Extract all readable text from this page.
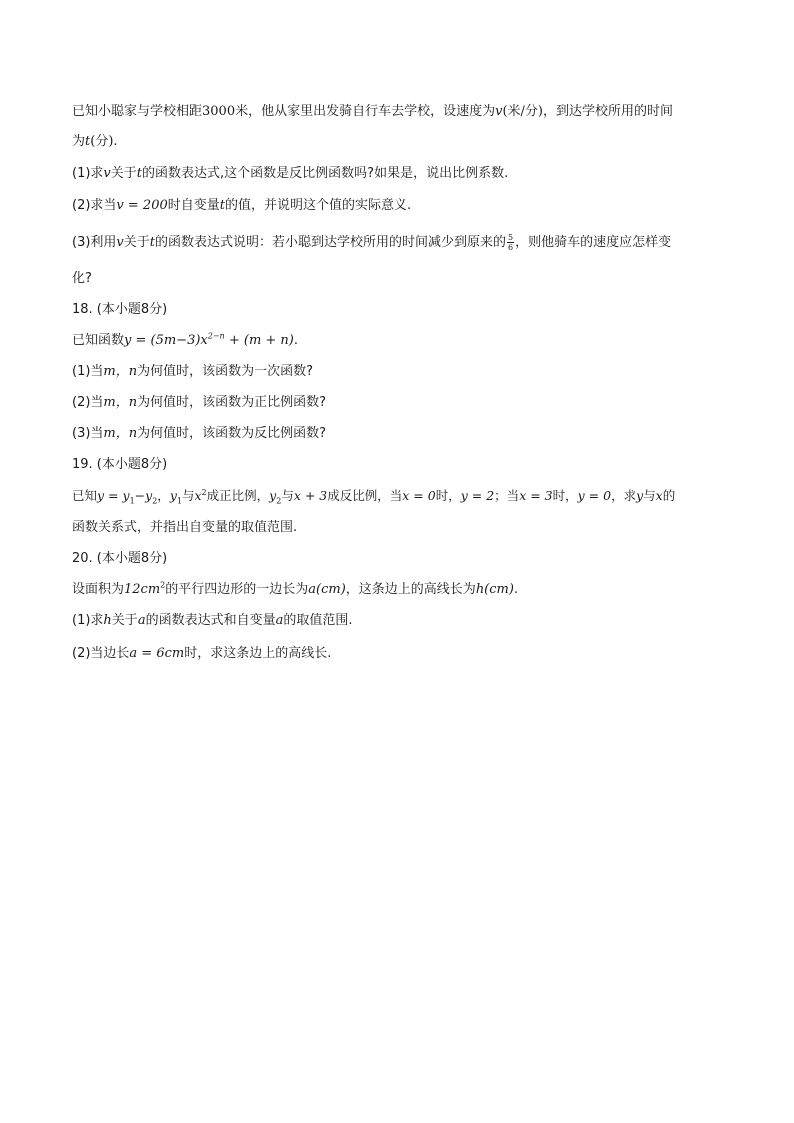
已知小聪家与学校相距3000米，他从家里出发骑自行车去学校，设速度为v(米/分)，到达学校所用的时间
为t(分).
(1)求v关于t的函数表达式,这个函数是反比例函数吗?如果是，说出比例系数.
(2)求当v = 200时自变量t的值，并说明这个值的实际意义.
(3)利用v关于t的函数表达式说明：若小聪到达学校所用的时间减少到原来的 $\frac{5}{6}$ ，则他骑车的速度应怎样变
化?
18. (本小题8分)
已知函数$y = (5m-3)x^{2-n} + (m + n)$.
(1)当m，n为何值时，该函数为一次函数?
(2)当m，n为何值时，该函数为正比例函数?
(3)当m，n为何值时，该函数为反比例函数?
19. (本小题8分)
已知$y = y_1-y_2$，$y_1$与$x^2$成正比例，$y_2$与x + 3成反比例，当x = 0时，y = 2；当x = 3时，y = 0，求y与x的
函数关系式，并指出自变量的取值范围.
20. (本小题8分)
设面积为$12cm^2$的平行四边形的一边长为a(cm)，这条边上的高线长为h(cm).
(1)求h关于a的函数表达式和自变量a的取值范围.
(2)当边长a = 6cm时，求这条边上的高线长.
